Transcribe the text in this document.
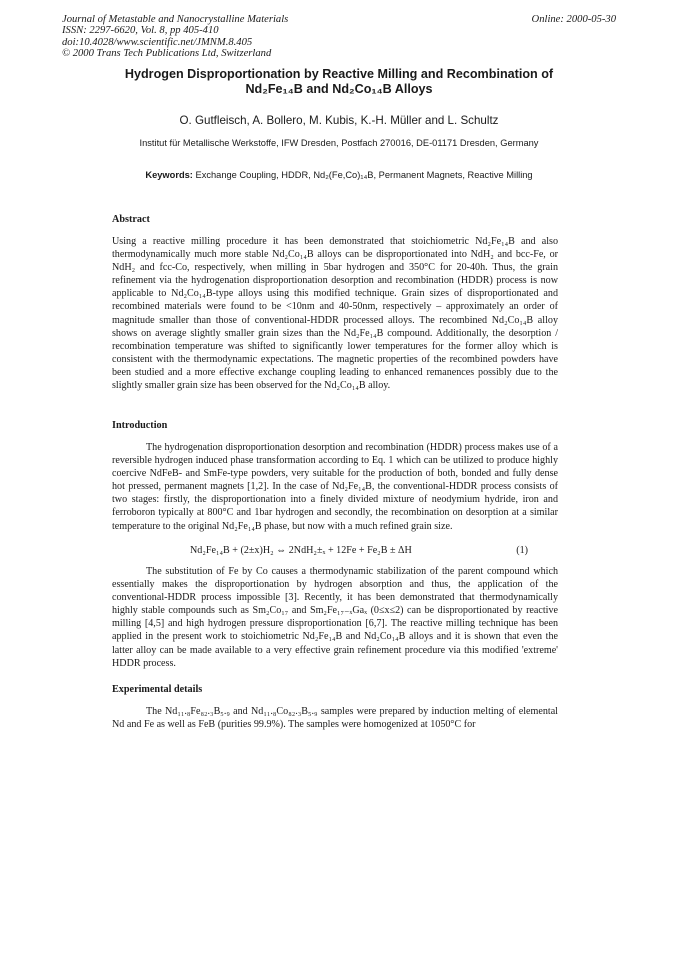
Journal of Metastable and Nanocrystalline Materials
ISSN: 2297-6620, Vol. 8, pp 405-410
doi:10.4028/www.scientific.net/JMNM.8.405
© 2000 Trans Tech Publications Ltd, Switzerland
Online: 2000-05-30
Hydrogen Disproportionation by Reactive Milling and Recombination of
Nd₂Fe₁₄B and Nd₂Co₁₄B Alloys
O. Gutfleisch, A. Bollero, M. Kubis, K.-H. Müller and L. Schultz
Institut für Metallische Werkstoffe, IFW Dresden, Postfach 270016, DE-01171 Dresden, Germany
Keywords: Exchange Coupling, HDDR, Nd₂(Fe,Co)₁₄B, Permanent Magnets, Reactive Milling
Abstract

Using a reactive milling procedure it has been demonstrated that stoichiometric Nd₂Fe₁₄B and also thermodynamically much more stable Nd₂Co₁₄B alloys can be disproportionated into NdH₂ and bcc-Fe, or NdH₂ and fcc-Co, respectively, when milling in 5bar hydrogen and 350°C for 20-40h. Thus, the grain refinement via the hydrogenation disproportionation desorption and recombination (HDDR) process is now applicable to Nd₂Co₁₄B-type alloys using this modified technique. Grain sizes of disproportionated and recombined materials were found to be <10nm and 40-50nm, respectively – approximately an order of magnitude smaller than those of conventional-HDDR processed alloys. The recombined Nd₂Co₁₄B alloy shows on average slightly smaller grain sizes than the Nd₂Fe₁₄B compound. Additionally, the desorption / recombination temperature was shifted to significantly lower temperatures for the former alloy which is consistent with the thermodynamic expectations. The magnetic properties of the recombined powders have been studied and a more effective exchange coupling leading to enhanced remanences possibly due to the slightly smaller grain size has been observed for the Nd₂Co₁₄B alloy.

Introduction

The hydrogenation disproportionation desorption and recombination (HDDR) process makes use of a reversible hydrogen induced phase transformation according to Eq. 1 which can be utilized to produce highly coercive NdFeB- and SmFe-type powders, very suitable for the production of both, bonded and fully dense hot pressed, permanent magnets [1,2]. In the case of Nd₂Fe₁₄B, the conventional-HDDR process consists of two stages: firstly, the disproportionation into a finely divided mixture of neodymium hydride, iron and ferroboron typically at 800°C and 1bar hydrogen and secondly, the recombination on desorption at a similar temperature to the original Nd₂Fe₁₄B phase, but now with a much refined grain size.

Nd₂Fe₁₄B + (2±x)H₂ ⇔ 2NdH₂±ₓ + 12Fe + Fe₂B ± ΔH	(1)

The substitution of Fe by Co causes a thermodynamic stabilization of the parent compound which essentially makes the disproportionation by hydrogen absorption and thus, the application of the conventional-HDDR process impossible [3]. Recently, it has been demonstrated that thermodynamically highly stable compounds such as Sm₂Co₁₇ and Sm₂Fe₁₇₋ₓGaₓ (0≤x≤2) can be disproportionated by reactive milling [4,5] and high hydrogen pressure disproportionation [6,7]. The reactive milling technique has been applied in the present work to stoichiometric Nd₂Fe₁₄B and Nd₂Co₁₄B alloys and it is shown that even the latter alloy can be made available to a very effective grain refinement procedure via this modified 'extreme' HDDR process.

Experimental details

The Nd₁₁.₈Fe₈₂.₃B₅.₉ and Nd₁₁.₈Co₈₂.₃B₅.₉ samples were prepared by induction melting of elemental Nd and Fe as well as FeB (purities 99.9%). The samples were homogenized at 1050°C for
